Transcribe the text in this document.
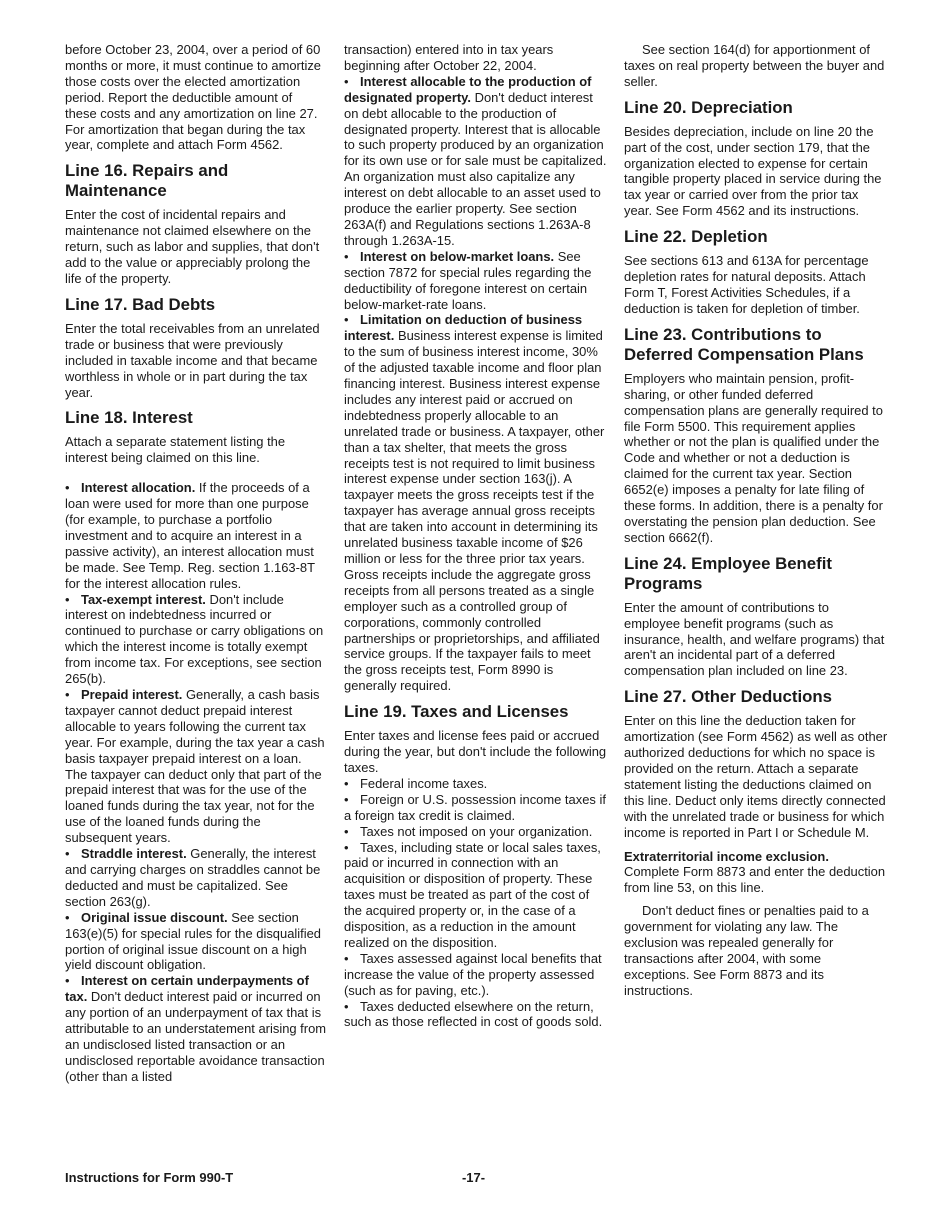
before October 23, 2004, over a period of 60 months or more, it must continue to amortize those costs over the elected amortization period. Report the deductible amount of these costs and any amortization on line 27. For amortization that began during the tax year, complete and attach Form 4562.

Line 16. Repairs and Maintenance

Enter the cost of incidental repairs and maintenance not claimed elsewhere on the return, such as labor and supplies, that don't add to the value or appreciably prolong the life of the property.

Line 17. Bad Debts

Enter the total receivables from an unrelated trade or business that were previously included in taxable income and that became worthless in whole or in part during the tax year.

Line 18. Interest

Attach a separate statement listing the interest being claimed on this line.

• Interest allocation. If the proceeds of a loan were used for more than one purpose (for example, to purchase a portfolio investment and to acquire an interest in a passive activity), an interest allocation must be made. See Temp. Reg. section 1.163-8T for the interest allocation rules.

• Tax-exempt interest. Don't include interest on indebtedness incurred or continued to purchase or carry obligations on which the interest income is totally exempt from income tax. For exceptions, see section 265(b).

• Prepaid interest. Generally, a cash basis taxpayer cannot deduct prepaid interest allocable to years following the current tax year. For example, during the tax year a cash basis taxpayer prepaid interest on a loan. The taxpayer can deduct only that part of the prepaid interest that was for the use of the loaned funds during the tax year, not for the use of the loaned funds during the subsequent years.

• Straddle interest. Generally, the interest and carrying charges on straddles cannot be deducted and must be capitalized. See section 263(g).

• Original issue discount. See section 163(e)(5) for special rules for the disqualified portion of original issue discount on a high yield discount obligation.

• Interest on certain underpayments of tax. Don't deduct interest paid or incurred on any portion of an underpayment of tax that is attributable to an understatement arising from an undisclosed listed transaction or an undisclosed reportable avoidance transaction (other than a listed

transaction) entered into in tax years beginning after October 22, 2004.

• Interest allocable to the production of designated property. Don't deduct interest on debt allocable to the production of designated property. Interest that is allocable to such property produced by an organization for its own use or for sale must be capitalized. An organization must also capitalize any interest on debt allocable to an asset used to produce the earlier property. See section 263A(f) and Regulations sections 1.263A-8 through 1.263A-15.

• Interest on below-market loans. See section 7872 for special rules regarding the deductibility of foregone interest on certain below-market-rate loans.

• Limitation on deduction of business interest. Business interest expense is limited to the sum of business interest income, 30% of the adjusted taxable income and floor plan financing interest. Business interest expense includes any interest paid or accrued on indebtedness properly allocable to an unrelated trade or business. A taxpayer, other than a tax shelter, that meets the gross receipts test is not required to limit business interest expense under section 163(j). A taxpayer meets the gross receipts test if the taxpayer has average annual gross receipts that are taken into account in determining its unrelated business taxable income of $26 million or less for the three prior tax years. Gross receipts include the aggregate gross receipts from all persons treated as a single employer such as a controlled group of corporations, commonly controlled partnerships or proprietorships, and affiliated service groups. If the taxpayer fails to meet the gross receipts test, Form 8990 is generally required.

Line 19. Taxes and Licenses

Enter taxes and license fees paid or accrued during the year, but don't include the following taxes.

• Federal income taxes.

• Foreign or U.S. possession income taxes if a foreign tax credit is claimed.

• Taxes not imposed on your organization.

• Taxes, including state or local sales taxes, paid or incurred in connection with an acquisition or disposition of property. These taxes must be treated as part of the cost of the acquired property or, in the case of a disposition, as a reduction in the amount realized on the disposition.

• Taxes assessed against local benefits that increase the value of the property assessed (such as for paving, etc.).

• Taxes deducted elsewhere on the return, such as those reflected in cost of goods sold.

See section 164(d) for apportionment of taxes on real property between the buyer and seller.

Line 20. Depreciation

Besides depreciation, include on line 20 the part of the cost, under section 179, that the organization elected to expense for certain tangible property placed in service during the tax year or carried over from the prior tax year. See Form 4562 and its instructions.

Line 22. Depletion

See sections 613 and 613A for percentage depletion rates for natural deposits. Attach Form T, Forest Activities Schedules, if a deduction is taken for depletion of timber.

Line 23. Contributions to Deferred Compensation Plans

Employers who maintain pension, profit-sharing, or other funded deferred compensation plans are generally required to file Form 5500. This requirement applies whether or not the plan is qualified under the Code and whether or not a deduction is claimed for the current tax year. Section 6652(e) imposes a penalty for late filing of these forms. In addition, there is a penalty for overstating the pension plan deduction. See section 6662(f).

Line 24. Employee Benefit Programs

Enter the amount of contributions to employee benefit programs (such as insurance, health, and welfare programs) that aren't an incidental part of a deferred compensation plan included on line 23.

Line 27. Other Deductions

Enter on this line the deduction taken for amortization (see Form 4562) as well as other authorized deductions for which no space is provided on the return. Attach a separate statement listing the deductions claimed on this line. Deduct only items directly connected with the unrelated trade or business for which income is reported in Part I or Schedule M.

Extraterritorial income exclusion.

Complete Form 8873 and enter the deduction from line 53, on this line.

Don't deduct fines or penalties paid to a government for violating any law. The exclusion was repealed generally for transactions after 2004, with some exceptions. See Form 8873 and its instructions.

Instructions for Form 990-T	-17-
